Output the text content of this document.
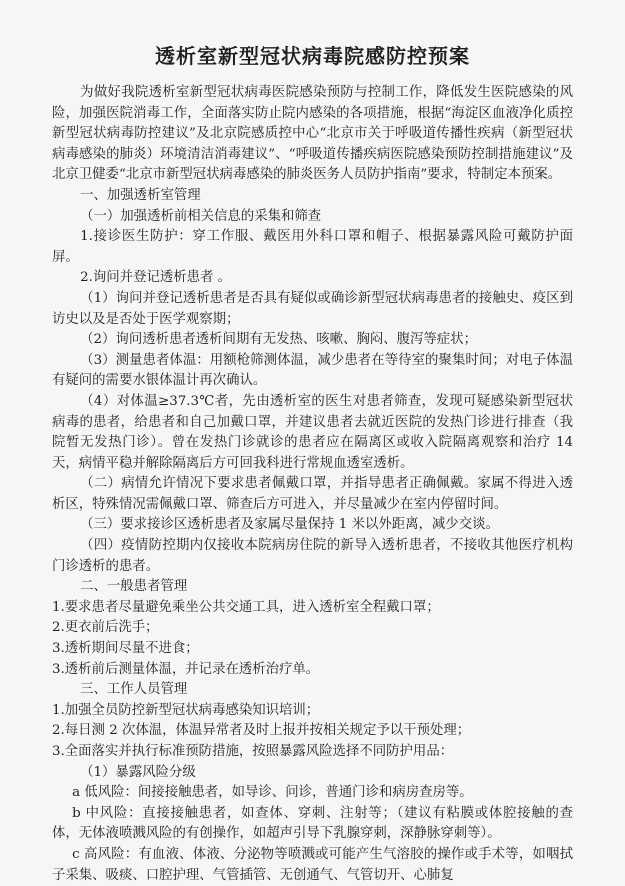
透析室新型冠状病毒院感防控预案

为做好我院透析室新型冠状病毒医院感染预防与控制工作，降低发生医院感染的风险，加强医院消毒工作，全面落实防止院内感染的各项措施，根据“海淀区血液净化质控新型冠状病毒防控建议”及北京院感质控中心“北京市关于呼吸道传播性疾病（新型冠状病毒感染的肺炎）环境清洁消毒建议”、“呼吸道传播疾病医院感染预防控制措施建议”及北京卫健委“北京市新型冠状病毒感染的肺炎医务人员防护指南”要求，特制定本预案。

一、加强透析室管理

（一）加强透析前相关信息的采集和筛查

1.接诊医生防护：穿工作服、戴医用外科口罩和帽子、根据暴露风险可戴防护面屏。

2.询问并登记透析患者 。

（1）询问并登记透析患者是否具有疑似或确诊新型冠状病毒患者的接触史、疫区到访史以及是否处于医学观察期；

（2）询问透析患者透析间期有无发热、咳嗽、胸闷、腹泻等症状；

（3）测量患者体温：用额枪筛测体温，减少患者在等待室的聚集时间；对电子体温有疑问的需要水银体温计再次确认。

（4）对体温≥37.3℃者，先由透析室的医生对患者筛查，发现可疑感染新型冠状病毒的患者，给患者和自己加戴口罩，并建议患者去就近医院的发热门诊进行排查（我院暂无发热门诊）。曾在发热门诊就诊的患者应在隔离区或收入院隔离观察和治疗 14 天，病情平稳并解除隔离后方可回我科进行常规血透室透析。

（二）病情允许情况下要求患者佩戴口罩，并指导患者正确佩戴。家属不得进入透析区，特殊情况需佩戴口罩、筛查后方可进入，并尽量减少在室内停留时间。

（三）要求接诊区透析患者及家属尽量保持 1 米以外距离，减少交谈。

（四）疫情防控期内仅接收本院病房住院的新导入透析患者，不接收其他医疗机构门诊透析的患者。

二、一般患者管理

1.要求患者尽量避免乘坐公共交通工具，进入透析室全程戴口罩；

2.更衣前后洗手；

3.透析期间尽量不进食；

3.透析前后测量体温，并记录在透析治疗单。

三、工作人员管理

1.加强全员防控新型冠状病毒感染知识培训；

2.每日测 2 次体温，体温异常者及时上报并按相关规定予以干预处理；

3.全面落实并执行标准预防措施，按照暴露风险选择不同防护用品：

（1）暴露风险分级

a 低风险：间接接触患者，如导诊、问诊，普通门诊和病房查房等。

b 中风险：直接接触患者，如查体、穿刺、注射等；（建议有粘膜或体腔接触的查体，无体液喷溅风险的有创操作，如超声引导下乳腺穿刺，深静脉穿刺等）。

c 高风险：有血液、体液、分泌物等喷溅或可能产生气溶胶的操作或手术等，如咽拭子采集、吸痰、口腔护理、气管插管、无创通气、气管切开、心肺复
